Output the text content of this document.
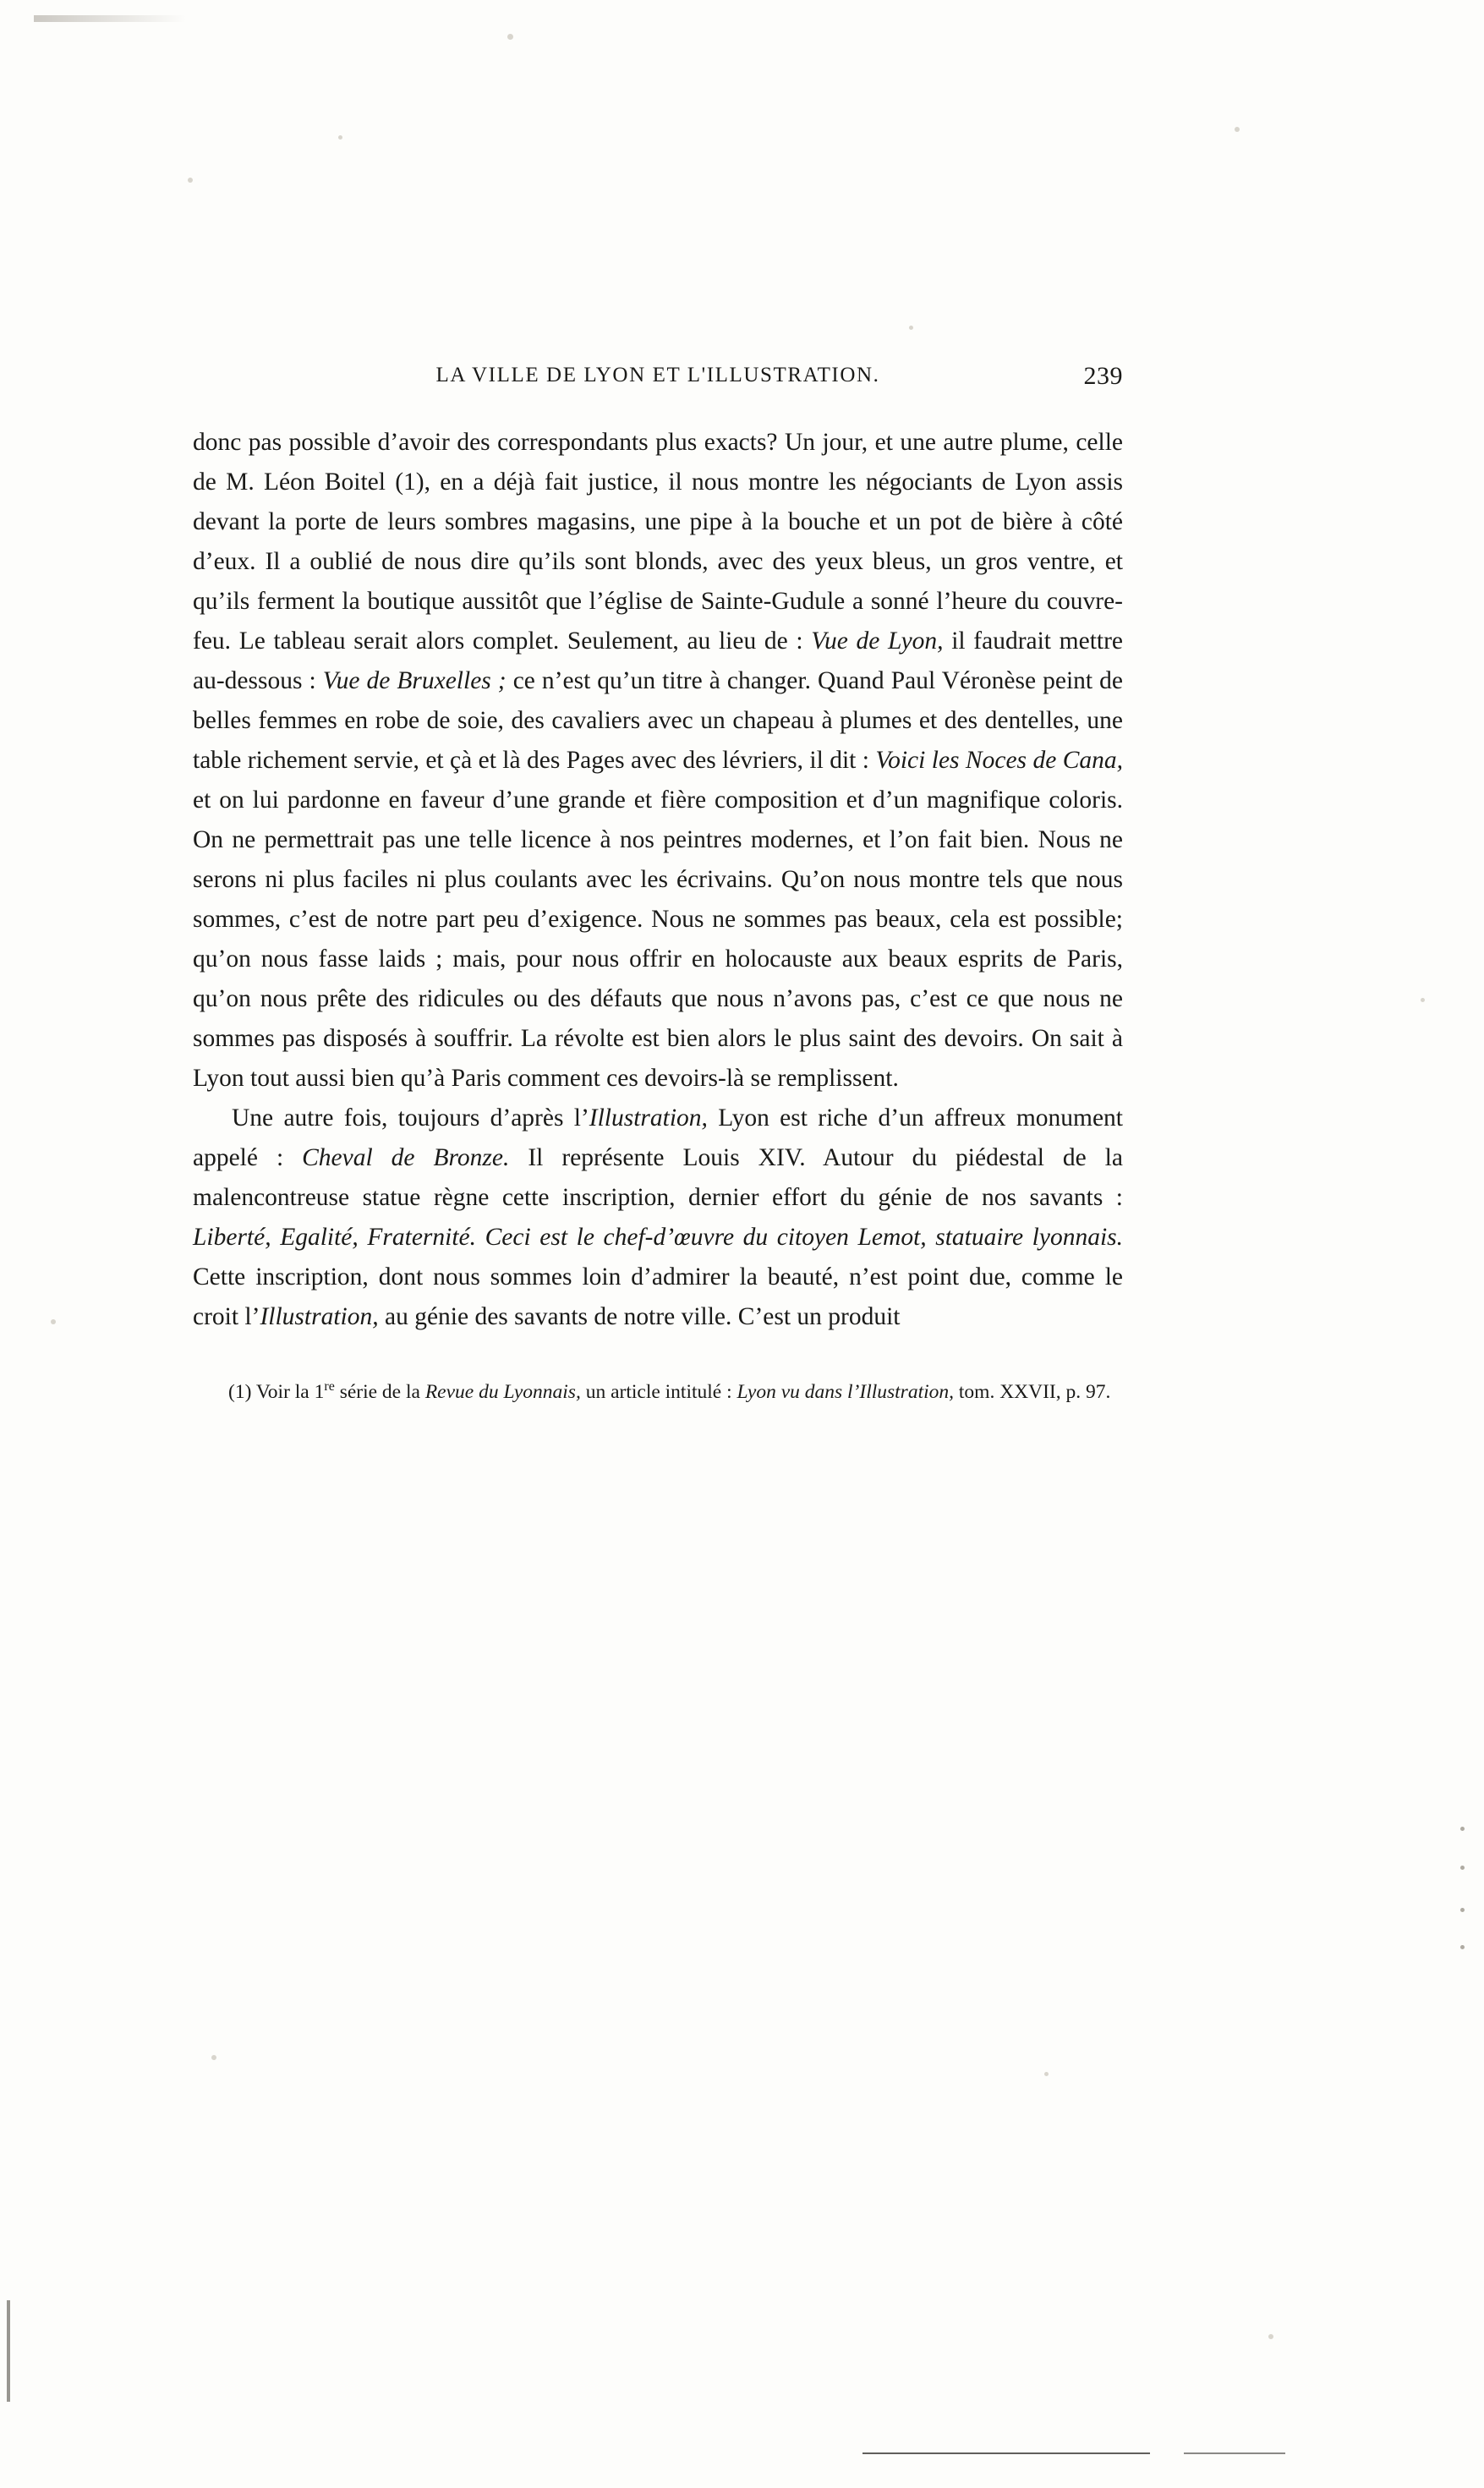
LA VILLE DE LYON ET L'ILLUSTRATION.	239

donc pas possible d’avoir des correspondants plus exacts? Un jour, et une autre plume, celle de M. Léon Boitel (1), en a déjà fait justice, il nous montre les négociants de Lyon assis devant la porte de leurs sombres magasins, une pipe à la bouche et un pot de bière à côté d’eux. Il a oublié de nous dire qu’ils sont blonds, avec des yeux bleus, un gros ventre, et qu’ils ferment la boutique aussitôt que l’église de Sainte-Gudule a sonné l’heure du couvre-feu. Le tableau serait alors complet. Seulement, au lieu de : Vue de Lyon, il faudrait mettre au-dessous : Vue de Bruxelles ; ce n’est qu’un titre à changer. Quand Paul Véronèse peint de belles femmes en robe de soie, des cavaliers avec un chapeau à plumes et des dentelles, une table richement servie, et çà et là des Pages avec des lévriers, il dit : Voici les Noces de Cana, et on lui pardonne en faveur d’une grande et fière composition et d’un magnifique coloris. On ne permettrait pas une telle licence à nos peintres modernes, et l’on fait bien. Nous ne serons ni plus faciles ni plus coulants avec les écrivains. Qu’on nous montre tels que nous sommes, c’est de notre part peu d’exigence. Nous ne sommes pas beaux, cela est possible; qu’on nous fasse laids ; mais, pour nous offrir en holocauste aux beaux esprits de Paris, qu’on nous prête des ridicules ou des défauts que nous n’avons pas, c’est ce que nous ne sommes pas disposés à souffrir. La révolte est bien alors le plus saint des devoirs. On sait à Lyon tout aussi bien qu’à Paris comment ces devoirs-là se remplissent.

Une autre fois, toujours d’après l’Illustration, Lyon est riche d’un affreux monument appelé : Cheval de Bronze. Il représente Louis XIV. Autour du piédestal de la malencontreuse statue règne cette inscription, dernier effort du génie de nos savants : Liberté, Egalité, Fraternité. Ceci est le chef-d’œuvre du citoyen Lemot, statuaire lyonnais. Cette inscription, dont nous sommes loin d’admirer la beauté, n’est point due, comme le croit l’Illustration, au génie des savants de notre ville. C’est un produit

(1) Voir la 1re série de la Revue du Lyonnais, un article intitulé : Lyon vu dans l’Illustration, tom. XXVII, p. 97.
